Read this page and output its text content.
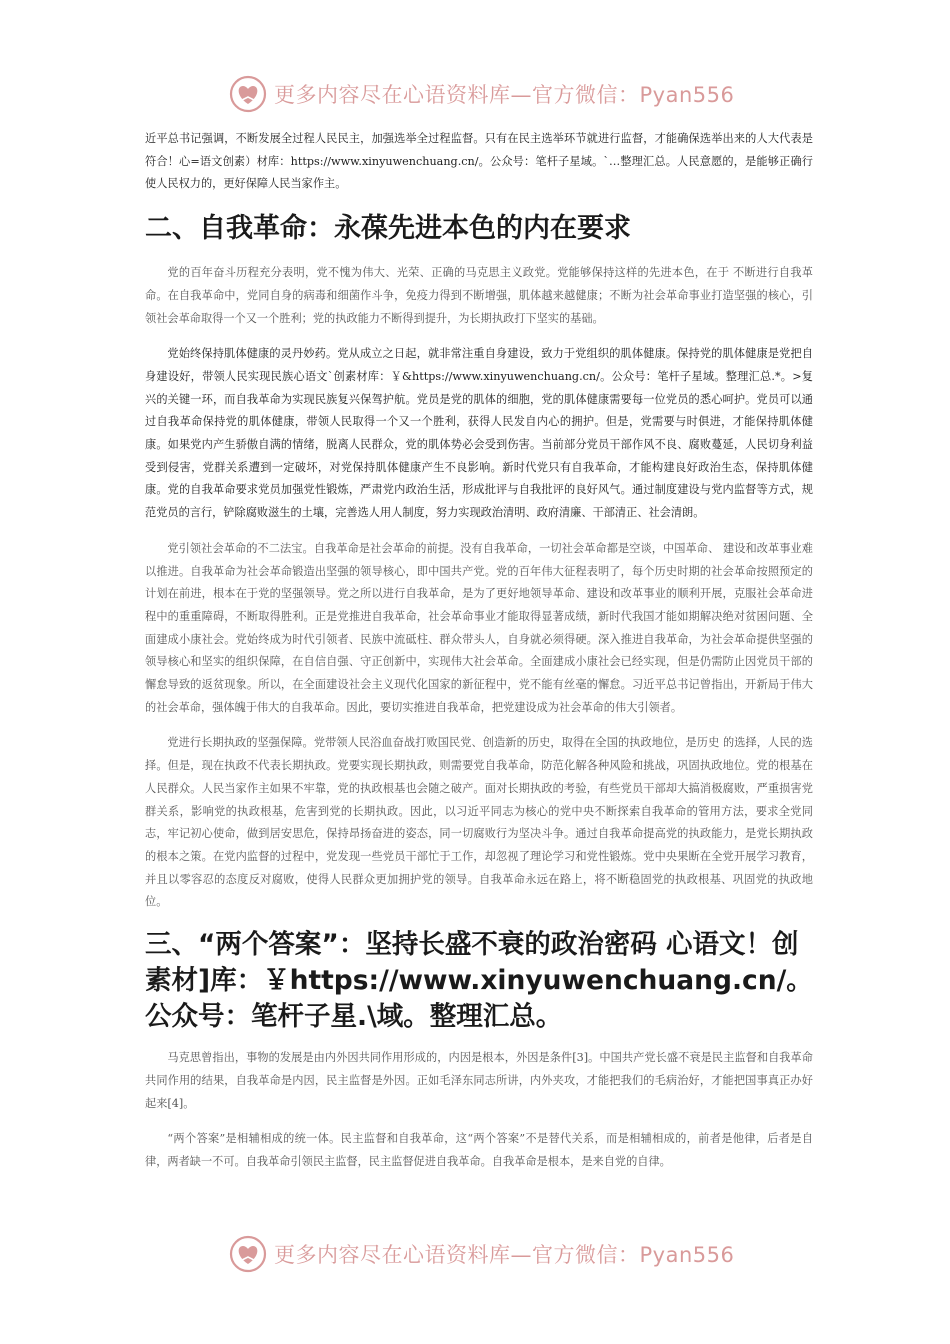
更多内容尽在心语资料库—官方微信：Pyan556

近平总书记强调，不断发展全过程人民民主，加强选举全过程监督。只有在民主选举环节就进行监督，才能确保选举出来的人大代表是符合！心=语文创素）材库：https://www.xinyuwenchuang.cn/。公众号：笔杆子星域。`…整理汇总。人民意愿的，是能够正确行使人民权力的，更好保障人民当家作主。

二、自我革命：永葆先进本色的内在要求

党的百年奋斗历程充分表明，党不愧为伟大、光荣、正确的马克思主义政党。党能够保持这样的先进本色，在于 不断进行自我革命。在自我革命中，党同自身的病毒和细菌作斗争，免疫力得到不断增强，肌体越来越健康；不断为社会革命事业打造坚强的核心，引领社会革命取得一个又一个胜利；党的执政能力不断得到提升，为长期执政打下坚实的基础。

党始终保持肌体健康的灵丹妙药。党从成立之日起，就非常注重自身建设，致力于党组织的肌体健康。保持党的肌体健康是党把自身建设好，带领人民实现民族心语文`创素材库：￥&https://www.xinyuwenchuang.cn/。公众号：笔杆子星域。整理汇总.*。>复兴的关键一环，而自我革命为实现民族复兴保驾护航。党员是党的肌体的细胞，党的肌体健康需要每一位党员的悉心呵护。党员可以通过自我革命保持党的肌体健康，带领人民取得一个又一个胜利，获得人民发自内心的拥护。但是，党需要与时俱进，才能保持肌体健康。如果党内产生骄傲自满的情绪，脱离人民群众，党的肌体势必会受到伤害。当前部分党员干部作风不良、腐败蔓延，人民切身利益受到侵害，党群关系遭到一定破坏，对党保持肌体健康产生不良影响。新时代党只有自我革命，才能构建良好政治生态，保持肌体健康。党的自我革命要求党员加强党性锻炼，严肃党内政治生活，形成批评与自我批评的良好风气。通过制度建设与党内监督等方式，规范党员的言行，铲除腐败滋生的土壤，完善选人用人制度，努力实现政治清明、政府清廉、干部清正、社会清朗。

党引领社会革命的不二法宝。自我革命是社会革命的前提。没有自我革命，一切社会革命都是空谈，中国革命、 建设和改革事业难以推进。自我革命为社会革命锻造出坚强的领导核心，即中国共产党。党的百年伟大征程表明了，每个历史时期的社会革命按照预定的计划在前进，根本在于党的坚强领导。党之所以进行自我革命，是为了更好地领导革命、建设和改革事业的顺利开展，克服社会革命进程中的重重障碍，不断取得胜利。正是党推进自我革命，社会革命事业才能取得显著成绩，新时代我国才能如期解决绝对贫困问题、全面建成小康社会。党始终成为时代引领者、民族中流砥柱、群众带头人，自身就必须得硬。深入推进自我革命，为社会革命提供坚强的领导核心和坚实的组织保障，在自信自强、守正创新中，实现伟大社会革命。全面建成小康社会已经实现，但是仍需防止因党员干部的懈怠导致的返贫现象。所以，在全面建设社会主义现代化国家的新征程中，党不能有丝毫的懈怠。习近平总书记曾指出，开新局于伟大的社会革命，强体魄于伟大的自我革命。因此，要切实推进自我革命，把党建设成为社会革命的伟大引领者。

党进行长期执政的坚强保障。党带领人民浴血奋战打败国民党、创造新的历史，取得在全国的执政地位，是历史 的选择，人民的选择。但是，现在执政不代表长期执政。党要实现长期执政，则需要党自我革命，防范化解各种风险和挑战，巩固执政地位。党的根基在人民群众。人民当家作主如果不牢靠，党的执政根基也会随之破产。面对长期执政的考验，有些党员干部却大搞消极腐败，严重损害党群关系，影响党的执政根基，危害到党的长期执政。因此，以习近平同志为核心的党中央不断探索自我革命的管用方法，要求全党同志，牢记初心使命，做到居安思危，保持昂扬奋进的姿态，同一切腐败行为坚决斗争。通过自我革命提高党的执政能力，是党长期执政的根本之策。在党内监督的过程中，党发现一些党员干部忙于工作，却忽视了理论学习和党性锻炼。党中央果断在全党开展学习教育，并且以零容忍的态度反对腐败，使得人民群众更加拥护党的领导。自我革命永远在路上，将不断稳固党的执政根基、巩固党的执政地位。

三、“两个答案”：坚持长盛不衰的政治密码 心语文！创素材]库：￥https://www.xinyuwenchuang.cn/。公众号：笔杆子星.\域。整理汇总。

马克思曾指出，事物的发展是由内外因共同作用形成的，内因是根本，外因是条件[3]。中国共产党长盛不衰是民主监督和自我革命共同作用的结果，自我革命是内因，民主监督是外因。正如毛泽东同志所讲，内外夹攻，才能把我们的毛病治好，才能把国事真正办好起来[4]。

“两个答案”是相辅相成的统一体。民主监督和自我革命，这“两个答案”不是替代关系，而是相辅相成的，前者是他律，后者是自律，两者缺一不可。自我革命引领民主监督，民主监督促进自我革命。自我革命是根本，是来自党的自律。

更多内容尽在心语资料库—官方微信：Pyan556
